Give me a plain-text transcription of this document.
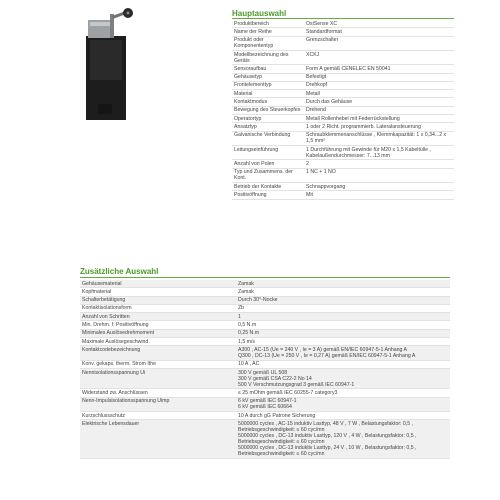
Hauptauswahl
Produktbereich	OsiSense XC
Name der Reihe	Standardformat
Produkt oder Komponententyp	Grenzschalter
Modellbezeichnung des Geräts	XCKJ
Sensoraufbau	Form A gemäß CENELEC EN 50041
Gehäusetyp	Befestigt
Frontelementtyp	Drehkopf
Material	Metall
Kontaktmodus	Durch das Gehäuse
Bewegung des Steuerkopfes	Drehend
Operatortyp	Metall Rollenhebel mit Federrückstellung
Ansatztyp	1 oder 2 Richt. programmierb. Lateralansteuerung
Galvanische Verbindung	Schraubklemmenanschlüsse , Klemmkapazität: 1 x 0,34...2 x 1,5 mm²
Leitungseinführung	1 Durchführung mit Gewinde für M20 x 1,5 Kabeltülle , Kabelaußendurchmesser: 7...13 mm
Anzahl von Polen	2
Typ und Zusammens. der Kont.	1 NC + 1 NO
Betrieb der Kontakte	Schnappvorgang
Positivöffnung	Mit
Zusätzliche Auswahl
Gehäusematerial	Zamak
Kopfmaterial	Zamak
Schalterbetätigung	Durch 30°-Nocke
Kontaktisolationsform	Zb
Anzahl von Schritten	1
Min. Drehm. f. Positivöffnung	0,5 N.m
Minimales Auslösedrehmoment	0,25 N.m
Maximale Auslösegeschwind.	1,5 m/s
Kontaktcodebezeichnung	A300 , AC-15 (Ue = 240 V , Ie = 3 A) gemäß EN/IEC 60947-5-1 Anhang A
Q300 , DC-13 (Ue = 250 V , Ie = 0,27 A) gemäß EN/IEC 60947-5-1 Anhang A
Konv. gekaps. therm. Strom Ithe	10 A , AC
Nennisolationsspannung Ui	300 V gemäß UL 508
300 V gemäß CSA C22-2 No 14
500 V Verschmutzungsgrad 3 gemäß IEC 60947-1
Widerstand zw. Anschlüssen	≤ 25 mOhm gemäß IEC 60255-7 category3
Nenn-Impulsisolationsspannung Uimp	6 kV gemäß IEC 60947-1
6 kV gemäß IEC 60664
Kurzschlussschutz	10 A durch gG Patrone Sicherung
Elektrische Lebensdauer	5000000 cycles , AC-15 induktiv Lasttyp, 48 V , 7 W , Belastungsfaktor: 0,5 , Betriebsgeschwindigkeit: ≤ 60 cyc/mn
5000000 cycles , DC-13 induktiv Lasttyp, 120 V , 4 W , Belastungsfaktor: 0,5 , Betriebsgeschwindigkeit: ≤ 60 cyc/mn
5000000 cycles , DC-13 induktiv Lasttyp, 24 V , 10 W , Belastungsfaktor: 0,5 , Betriebsgeschwindigkeit: ≤ 60 cyc/mn
